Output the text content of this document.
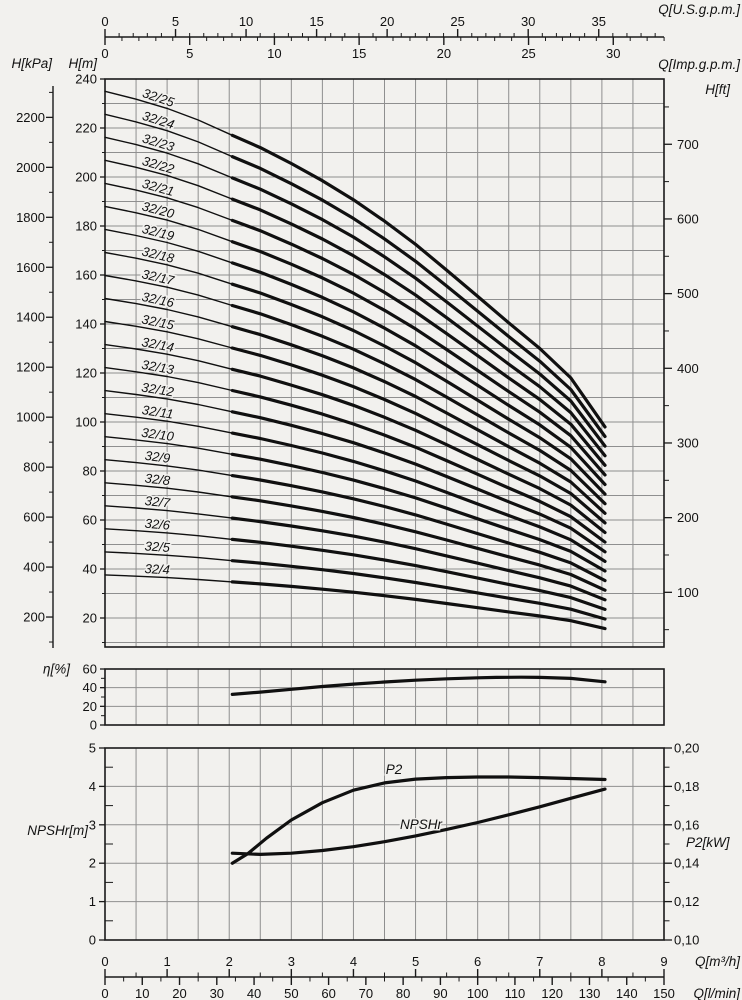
0	5	10	15	20	25	30	35
Q[U.S.g.p.m.]
0	5	10	15	20	25	30
Q[Imp.g.p.m.]
20
40
60
80
100
120
140
160
180
200
220
240
H[m]
200
400
600
800
1000
1200
1400
1600
1800
2000
2200
H[kPa]
100
200
300
400
500
600
700
H[ft]
32/25
32/24
32/23
32/22
32/21
32/20
32/19
32/18
32/17
32/16
32/15
32/14
32/13
32/12
32/11
32/10
32/9
32/8
32/7
32/6
32/5
32/4
0
20
40
60
η[%]
0
1
2
3
4
5
NPSHr[m]
0,10
0,12
0,14
0,16
0,18
0,20
P2[kW]
P2
NPSHr
0	1	2	3	4	5	6	7	8	9 Q[m³/h]
0 10 20 30 40 50 60 70 80 90 100 110 120 130 140 150 Q[l/min]
